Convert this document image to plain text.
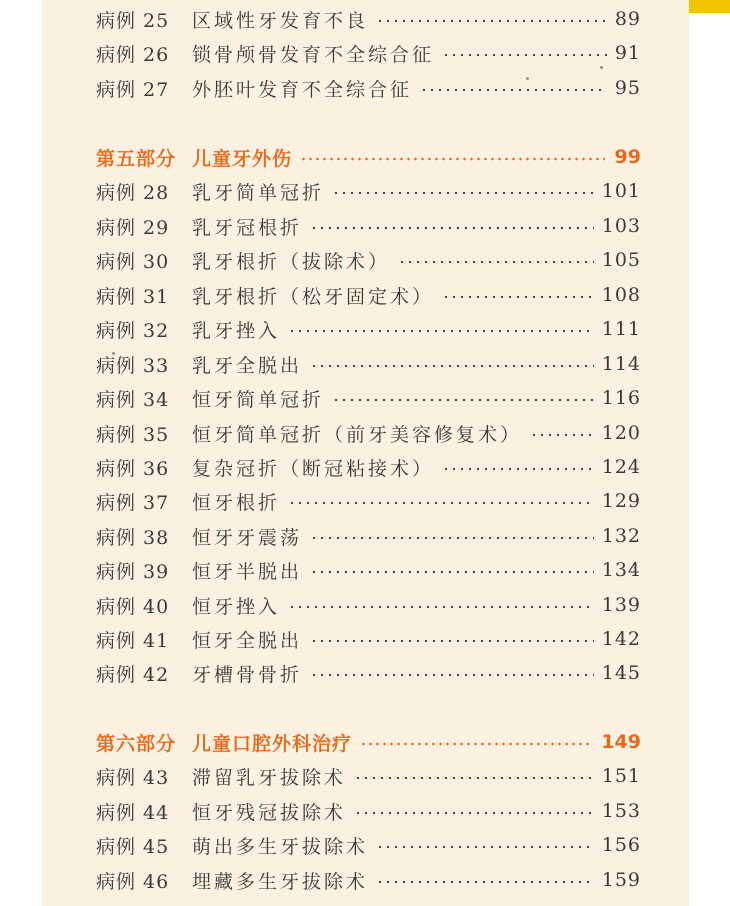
病例 25	区域性牙发育不良	89
病例 26	锁骨颅骨发育不全综合征	91
病例 27	外胚叶发育不全综合征	95
第五部分 儿童牙外伤	99
病例 28	乳牙简单冠折	101
病例 29	乳牙冠根折	103
病例 30	乳牙根折（拔除术）	105
病例 31	乳牙根折（松牙固定术）	108
病例 32	乳牙挫入	111
病例 33	乳牙全脱出	114
病例 34	恒牙简单冠折	116
病例 35	恒牙简单冠折（前牙美容修复术）	120
病例 36	复杂冠折（断冠粘接术）	124
病例 37	恒牙根折	129
病例 38	恒牙牙震荡	132
病例 39	恒牙半脱出	134
病例 40	恒牙挫入	139
病例 41	恒牙全脱出	142
病例 42	牙槽骨骨折	145
第六部分 儿童口腔外科治疗	149
病例 43	滞留乳牙拔除术	151
病例 44	恒牙残冠拔除术	153
病例 45	萌出多生牙拔除术	156
病例 46	埋藏多生牙拔除术	159
